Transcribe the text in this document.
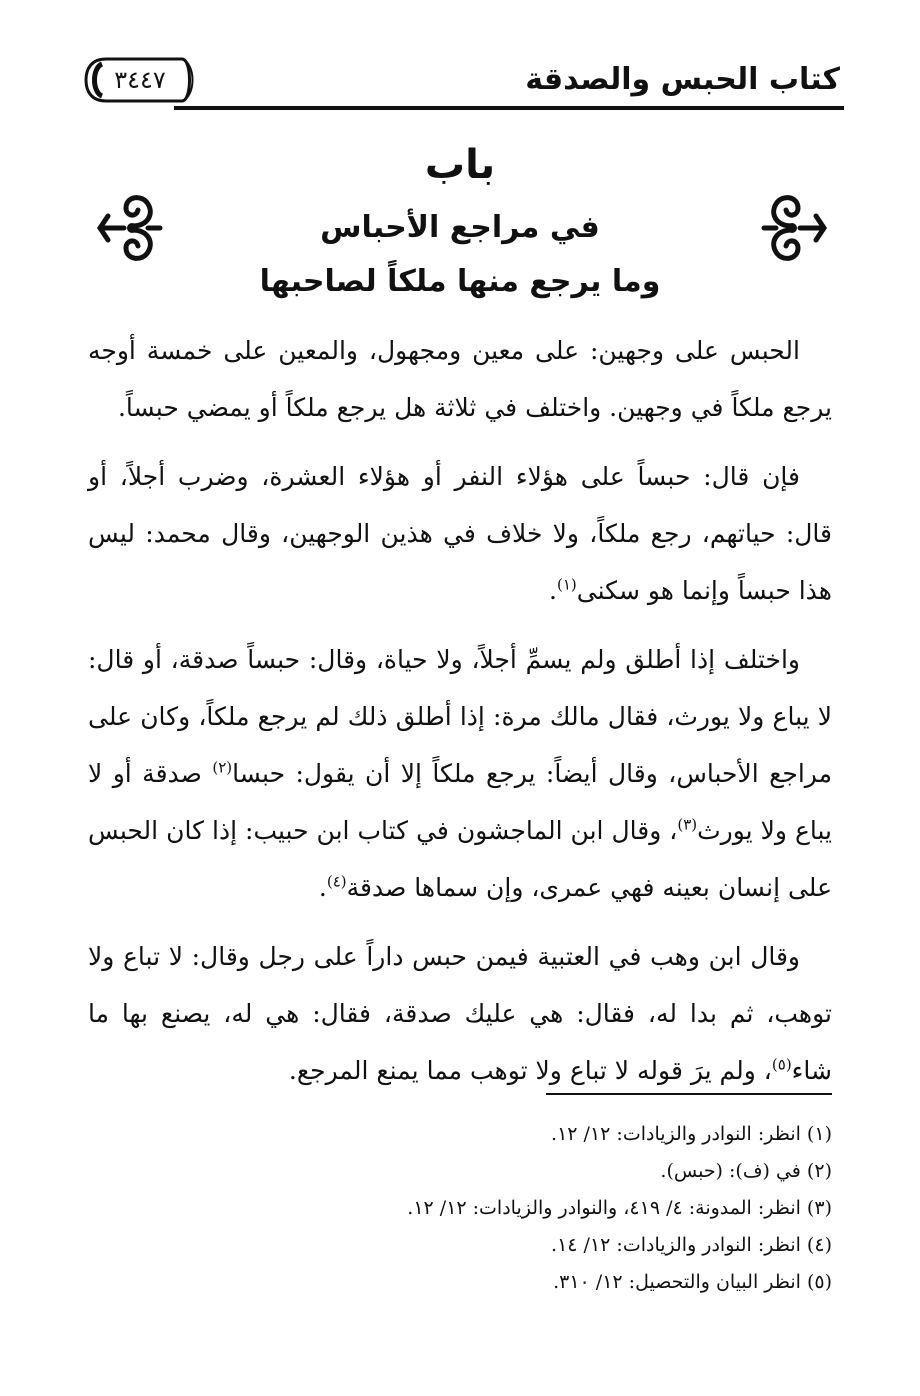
كتاب الحبس والصدقة
٣٤٤٧
باب
في مراجع الأحباس
وما يرجع منها ملكاً لصاحبها

الحبس على وجهين: على معين ومجهول، والمعين على خمسة أوجه يرجع ملكاً في وجهين. واختلف في ثلاثة هل يرجع ملكاً أو يمضي حبساً.

فإن قال: حبساً على هؤلاء النفر أو هؤلاء العشرة، وضرب أجلاً، أو قال: حياتهم، رجع ملكاً، ولا خلاف في هذين الوجهين، وقال محمد: ليس هذا حبساً وإنما هو سكنى$^{(١)}$.

واختلف إذا أطلق ولم يسمِّ أجلاً، ولا حياة، وقال: حبساً صدقة، أو قال: لا يباع ولا يورث، فقال مالك مرة: إذا أطلق ذلك لم يرجع ملكاً، وكان على مراجع الأحباس، وقال أيضاً: يرجع ملكاً إلا أن يقول: حبسا$^{(٢)}$ صدقة أو لا يباع ولا يورث$^{(٣)}$، وقال ابن الماجشون في كتاب ابن حبيب: إذا كان الحبس على إنسان بعينه فهي عمرى، وإن سماها صدقة$^{(٤)}$.

وقال ابن وهب في العتبية فيمن حبس داراً على رجل وقال: لا تباع ولا توهب، ثم بدا له، فقال: هي عليك صدقة، فقال: هي له، يصنع بها ما شاء$^{(٥)}$، ولم يرَ قوله لا تباع ولا توهب مما يمنع المرجع.

(١) انظر: النوادر والزيادات: ١٢/ ١٢.
(٢) في (ف): (حبس).
(٣) انظر: المدونة: ٤/ ٤١٩، والنوادر والزيادات: ١٢/ ١٢.
(٤) انظر: النوادر والزيادات: ١٢/ ١٤.
(٥) انظر البيان والتحصيل: ١٢/ ٣١٠.
